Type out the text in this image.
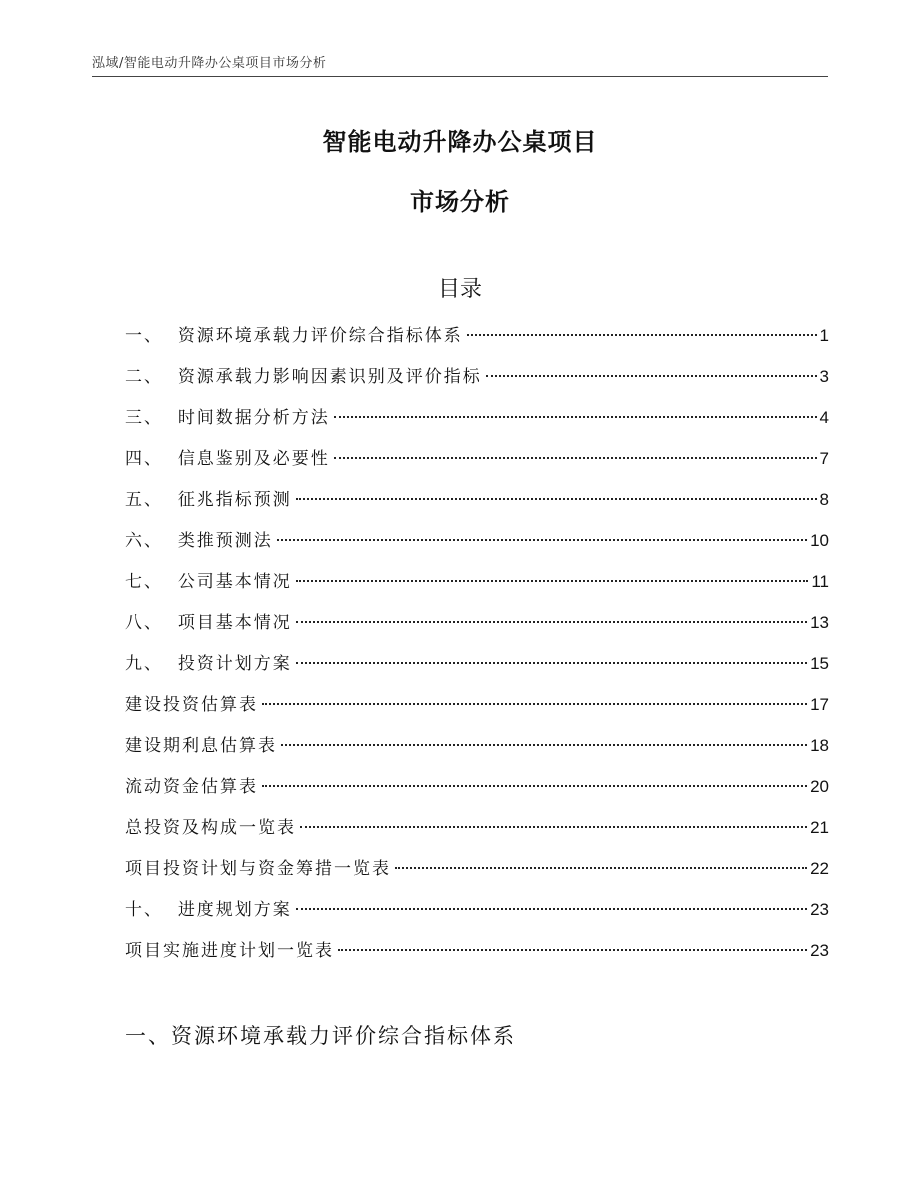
泓域/智能电动升降办公桌项目市场分析
智能电动升降办公桌项目
市场分析
目录
一、 资源环境承载力评价综合指标体系	1
二、 资源承载力影响因素识别及评价指标	3
三、 时间数据分析方法	4
四、 信息鉴别及必要性	7
五、 征兆指标预测	8
六、 类推预测法	10
七、 公司基本情况	11
八、 项目基本情况	13
九、 投资计划方案	15
建设投资估算表	17
建设期利息估算表	18
流动资金估算表	20
总投资及构成一览表	21
项目投资计划与资金筹措一览表	22
十、 进度规划方案	23
项目实施进度计划一览表	23
一、资源环境承载力评价综合指标体系
